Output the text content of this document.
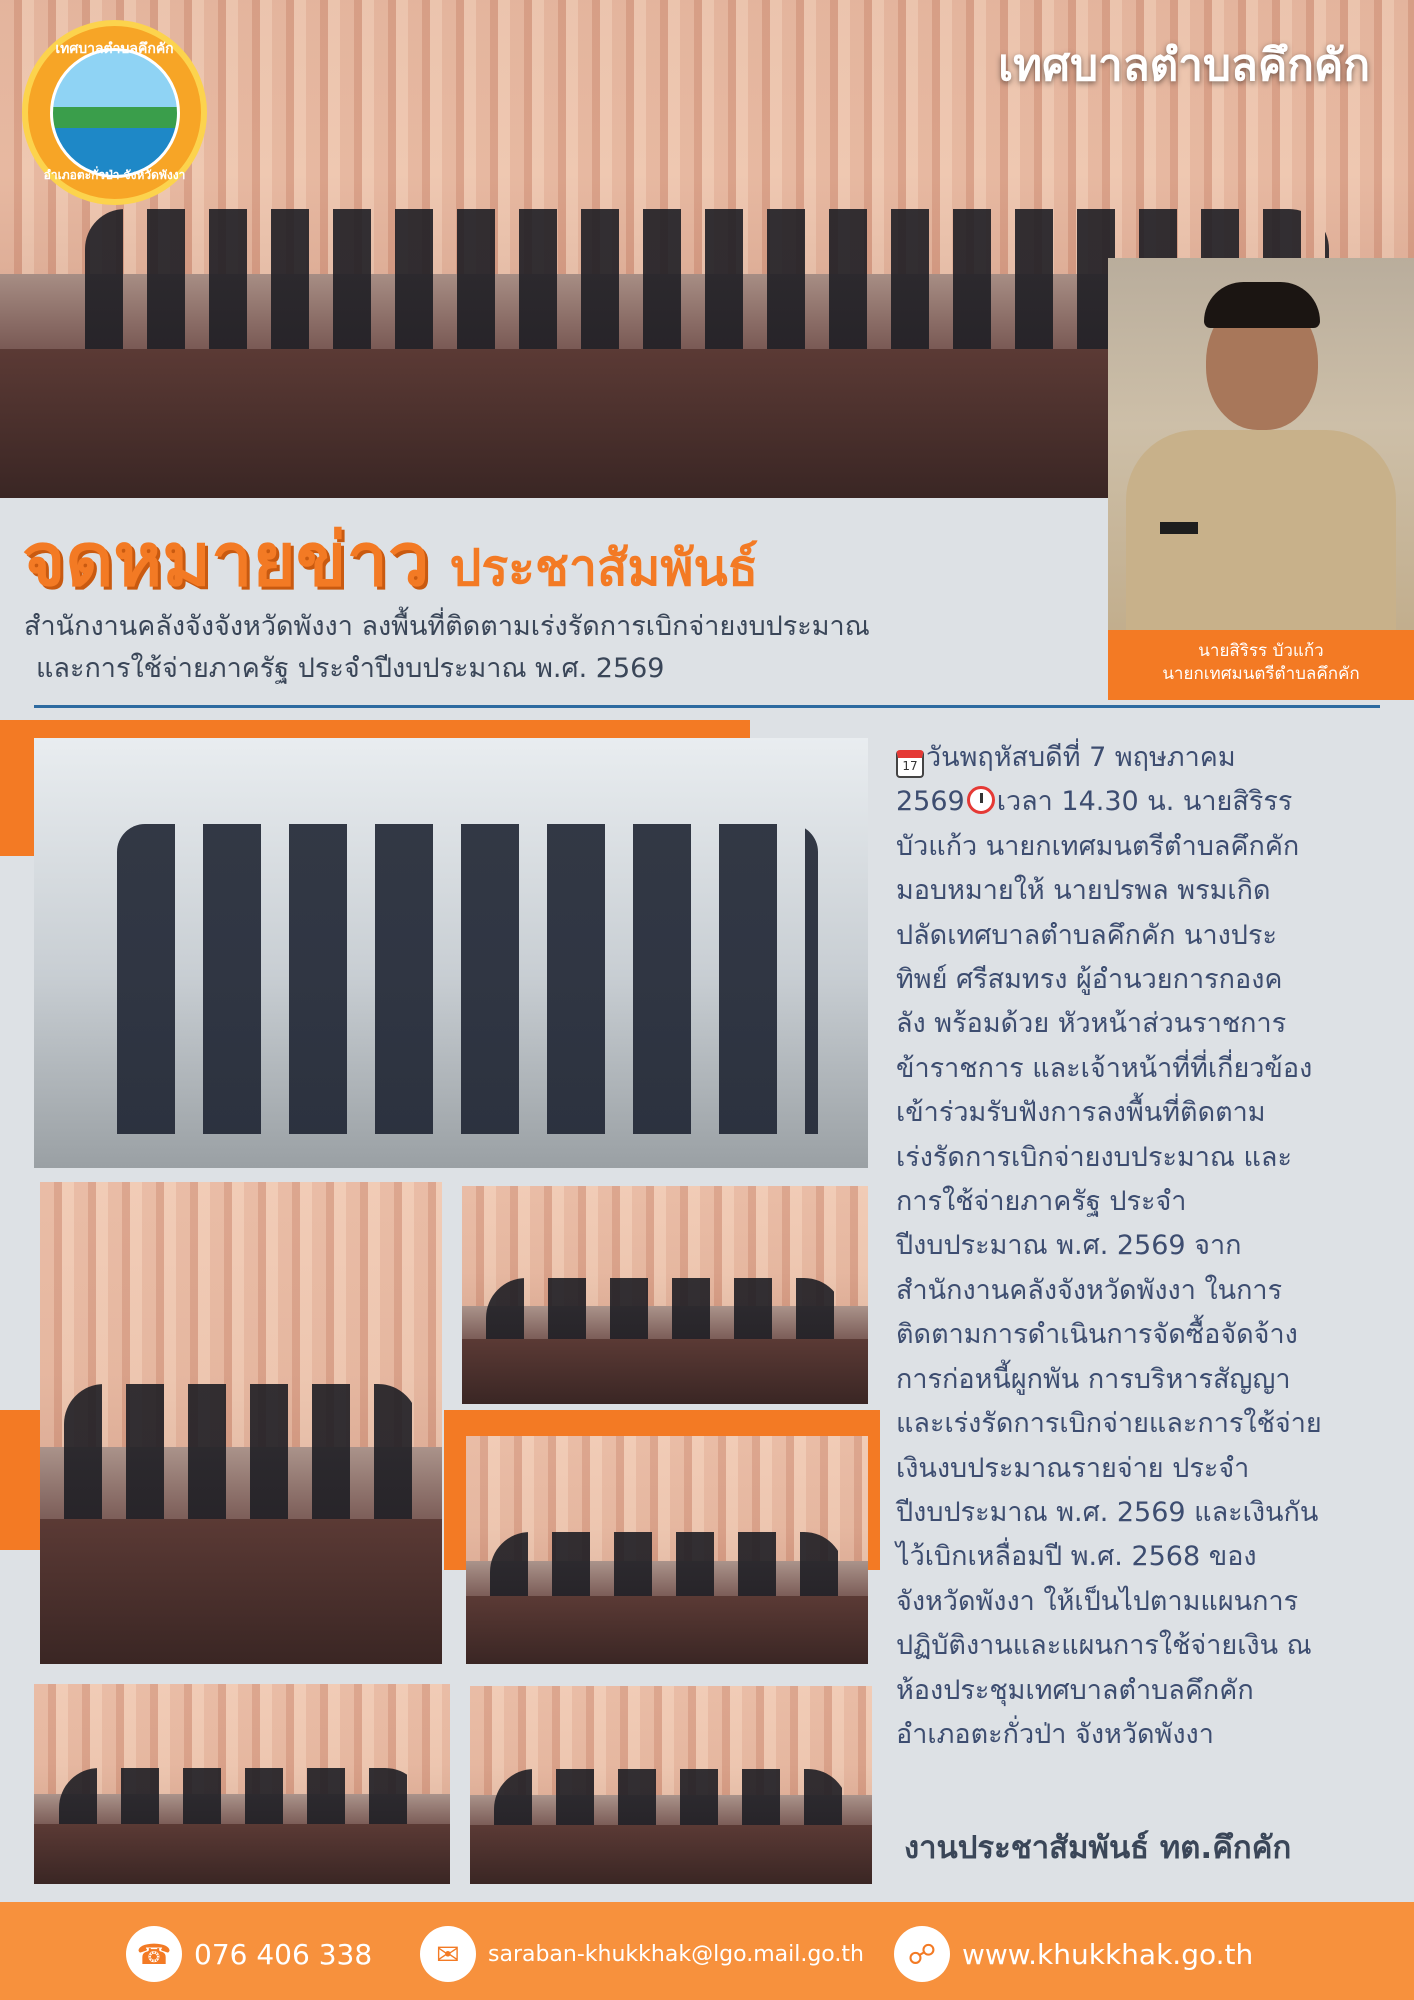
เทศบาลตำบลคึกคัก
อำเภอตะกั่วป่า จังหวัดพังงา
เทศบาลตำบลคึกคัก
นายสิริรร บัวแก้ว
นายกเทศมนตรีตำบลคึกคัก
จดหมายข่าว ประชาสัมพันธ์
สำนักงานคลังจังจังหวัดพังงา ลงพื้นที่ติดตามเร่งรัดการเบิกจ่ายงบประมาณ
และการใช้จ่ายภาครัฐ ประจำปีงบประมาณ พ.ศ. 2569
17 วันพฤหัสบดีที่ 7 พฤษภาคม
2569 เวลา 14.30 น. นายสิริรร
บัวแก้ว นายกเทศมนตรีตำบลคึกคัก
มอบหมายให้ นายปรพล พรมเกิด
ปลัดเทศบาลตำบลคึกคัก นางประ
ทิพย์ ศรีสมทรง ผู้อำนวยการกองค
ลัง พร้อมด้วย หัวหน้าส่วนราชการ
ข้าราชการ และเจ้าหน้าที่ที่เกี่ยวข้อง
เข้าร่วมรับฟังการลงพื้นที่ติดตาม
เร่งรัดการเบิกจ่ายงบประมาณ และ
การใช้จ่ายภาครัฐ ประจำ
ปีงบประมาณ พ.ศ. 2569 จาก
สำนักงานคลังจังหวัดพังงา ในการ
ติดตามการดำเนินการจัดซื้อจัดจ้าง
การก่อหนี้ผูกพัน การบริหารสัญญา
และเร่งรัดการเบิกจ่ายและการใช้จ่าย
เงินงบประมาณรายจ่าย ประจำ
ปีงบประมาณ พ.ศ. 2569 และเงินกัน
ไว้เบิกเหลื่อมปี พ.ศ. 2568 ของ
จังหวัดพังงา ให้เป็นไปตามแผนการ
ปฏิบัติงานและแผนการใช้จ่ายเงิน ณ
ห้องประชุมเทศบาลตำบลคึกคัก
อำเภอตะกั่วป่า จังหวัดพังงา
งานประชาสัมพันธ์ ทต.คึกคัก
☎ 076 406 338	✉	saraban-khukkhak@lgo.mail.go.th	☍ www.khukkhak.go.th
